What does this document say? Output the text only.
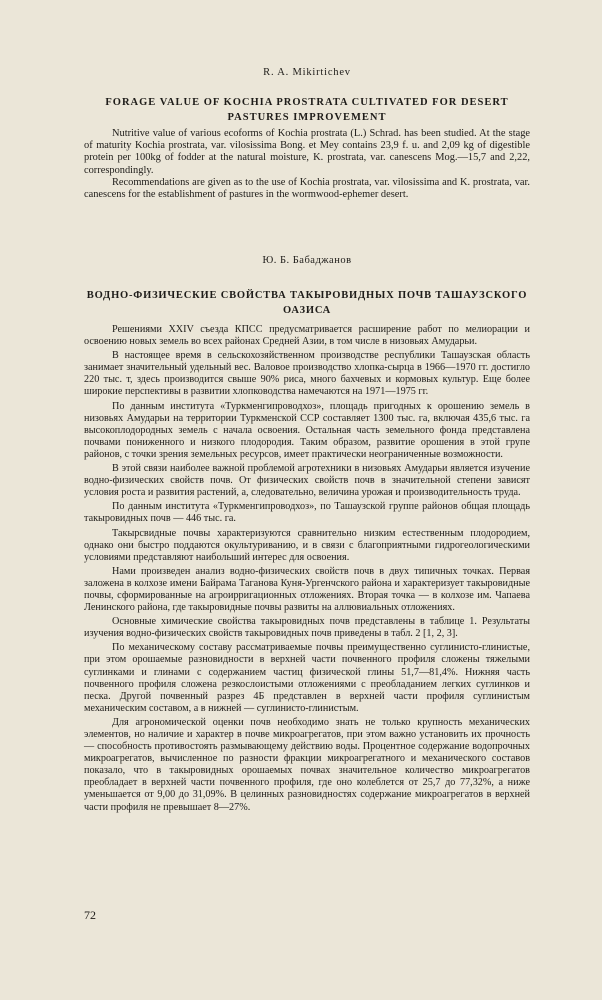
R. A. Mikirtichev
FORAGE VALUE OF KOCHIA PROSTRATA CULTIVATED FOR DESERT PASTURES IMPROVEMENT

Nutritive value of various ecoforms of Kochia prostrata (L.) Schrad. has been studied. At the stage of maturity Kochia prostrata, var. vilosissima Bong. et Mey contains 23,9 f. u. and 2,09 kg of digestible protein per 100kg of fodder at the natural moisture, K. prostrata, var. canescens Mog.—15,7 and 2,22, correspondingly.

Recommendations are given as to the use of Kochia prostrata, var. vilosissima and K. prostrata, var. canescens for the establishment of pastures in the wormwood-ephemer desert.

Ю. Б. Бабаджанов
ВОДНО-ФИЗИЧЕСКИЕ СВОЙСТВА ТАКЫРОВИДНЫХ ПОЧВ ТАШАУЗСКОГО ОАЗИСА

Решениями XXIV съезда КПСС предусматривается расширение работ по мелиорации и освоению новых земель во всех районах Средней Азии, в том числе в низовьях Амударьи.

В настоящее время в сельскохозяйственном производстве республики Ташаузская область занимает значительный удельный вес. Валовое производство хлопка-сырца в 1966—1970 гг. достигло 220 тыс. т, здесь производится свыше 90% риса, много бахчевых и кормовых культур. Еще более широкие перспективы в развитии хлопководства намечаются на 1971—1975 гг.

По данным института «Туркменгипроводхоз», площадь пригодных к орошению земель в низовьях Амударьи на территории Туркменской ССР составляет 1300 тыс. га, включая 435,6 тыс. га высокоплодородных земель с начала освоения. Остальная часть земельного фонда представлена почвами пониженного и низкого плодородия. Таким образом, развитие орошения в этой групе районов, с точки зрения земельных ресурсов, имеет практически неограниченные возможности.

В этой связи наиболее важной проблемой агротехники в низовьях Амударьи является изучение водно-физических свойств почв. От физических свойств почв в значительной степени зависят условия роста и развития растений, а, следовательно, величина урожая и производительность труда.

По данным института «Туркменгипроводхоз», по Ташаузской группе районов общая площадь такыровидных почв — 446 тыс. га.

Такырсвидные почвы характеризуются сравнительно низким естественным плодородием, однако они быстро поддаются окультуриванию, и в связи с благоприятными гидрогеологическими условиями представляют наибольший интерес для освоения.

Нами произведен анализ водно-физических свойств почв в двух типичных точках. Первая заложена в колхозе имени Байрама Таганова Куня-Ургенчского района и характеризует такыровидные почвы, сформированные на агроирригационных отложениях. Вторая точка — в колхозе им. Чапаева Ленинского района, где такыровидные почвы развиты на аллювиальных отложениях.

Основные химические свойства такыровидных почв представлены в таблице 1. Результаты изучения водно-физических свойств такыровидных почв приведены в табл. 2 [1, 2, 3].

По механическому составу рассматриваемые почвы преимущественно суглинисто-глинистые, при этом орошаемые разновидности в верхней части почвенного профиля сложены тяжелыми суглинками и глинами с содержанием частиц физической глины 51,7—81,4%. Нижняя часть почвенного профиля сложена резкослоистыми отложениями с преобладанием легких суглинков и песка. Другой почвенный разрез 4Б представлен в верхней части профиля суглинистым механическим составом, а в нижней — суглинисто-глинистым.

Для агрономической оценки почв необходимо знать не только крупность механических элементов, но наличие и характер в почве микроагрегатов, при этом важно установить их прочность — способность противостоять размывающему действию воды. Процентное содержание водопрочных микроагрегатов, вычисленное по разности фракции микроагрегатного и механического составов показало, что в такыровидных орошаемых почвах значительное количество микроагрегатов преобладает в верхней части почвенного профиля, где оно колеблется от 25,7 до 77,32%, а ниже уменьшается от 9,00 до 31,09%. В целинных разновидностях содержание микроагрегатов в верхней части профиля не превышает 8—27%.

72
